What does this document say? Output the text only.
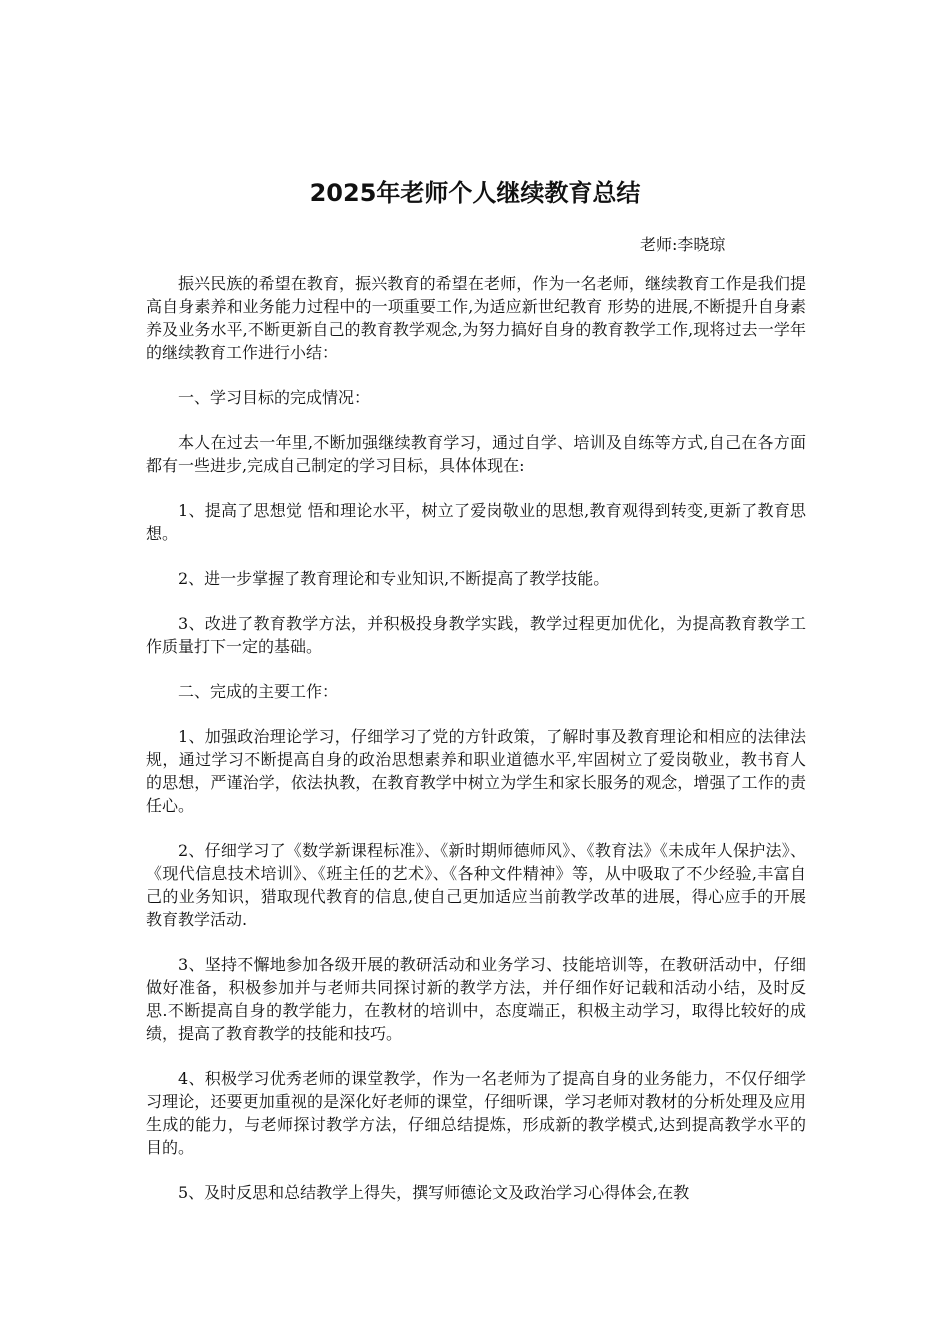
2025年老师个人继续教育总结

老师:李晓琼

振兴民族的希望在教育，振兴教育的希望在老师，作为一名老师，继续教育工作是我们提高自身素养和业务能力过程中的一项重要工作,为适应新世纪教育 形势的进展,不断提升自身素养及业务水平,不断更新自己的教育教学观念,为努力搞好自身的教育教学工作,现将过去一学年的继续教育工作进行小结：

一、学习目标的完成情况：

本人在过去一年里,不断加强继续教育学习，通过自学、培训及自练等方式,自己在各方面都有一些进步,完成自己制定的学习目标，具体体现在:

1、提高了思想觉 悟和理论水平，树立了爱岗敬业的思想,教育观得到转变,更新了教育思想。

2、进一步掌握了教育理论和专业知识,不断提高了教学技能。

3、改进了教育教学方法，并积极投身教学实践，教学过程更加优化，为提高教育教学工作质量打下一定的基础。

二、完成的主要工作：

1、加强政治理论学习，仔细学习了党的方针政策，了解时事及教育理论和相应的法律法规，通过学习不断提高自身的政治思想素养和职业道德水平,牢固树立了爱岗敬业，教书育人的思想，严谨治学，依法执教，在教育教学中树立为学生和家长服务的观念，增强了工作的责任心。

2、仔细学习了《数学新课程标准》、《新时期师德师风》、《教育法》《未成年人保护法》、《现代信息技术培训》、《班主任的艺术》、《各种文件精神》等，从中吸取了不少经验,丰富自己的业务知识，猎取现代教育的信息,使自己更加适应当前教学改革的进展，得心应手的开展教育教学活动.

3、坚持不懈地参加各级开展的教研活动和业务学习、技能培训等，在教研活动中，仔细做好准备，积极参加并与老师共同探讨新的教学方法，并仔细作好记载和活动小结，及时反思.不断提高自身的教学能力，在教材的培训中，态度端正，积极主动学习，取得比较好的成绩，提高了教育教学的技能和技巧。

4、积极学习优秀老师的课堂教学，作为一名老师为了提高自身的业务能力，不仅仔细学习理论，还要更加重视的是深化好老师的课堂，仔细听课，学习老师对教材的分析处理及应用生成的能力，与老师探讨教学方法，仔细总结提炼，形成新的教学模式,达到提高教学水平的目的。

5、及时反思和总结教学上得失，撰写师德论文及政治学习心得体会,在教
